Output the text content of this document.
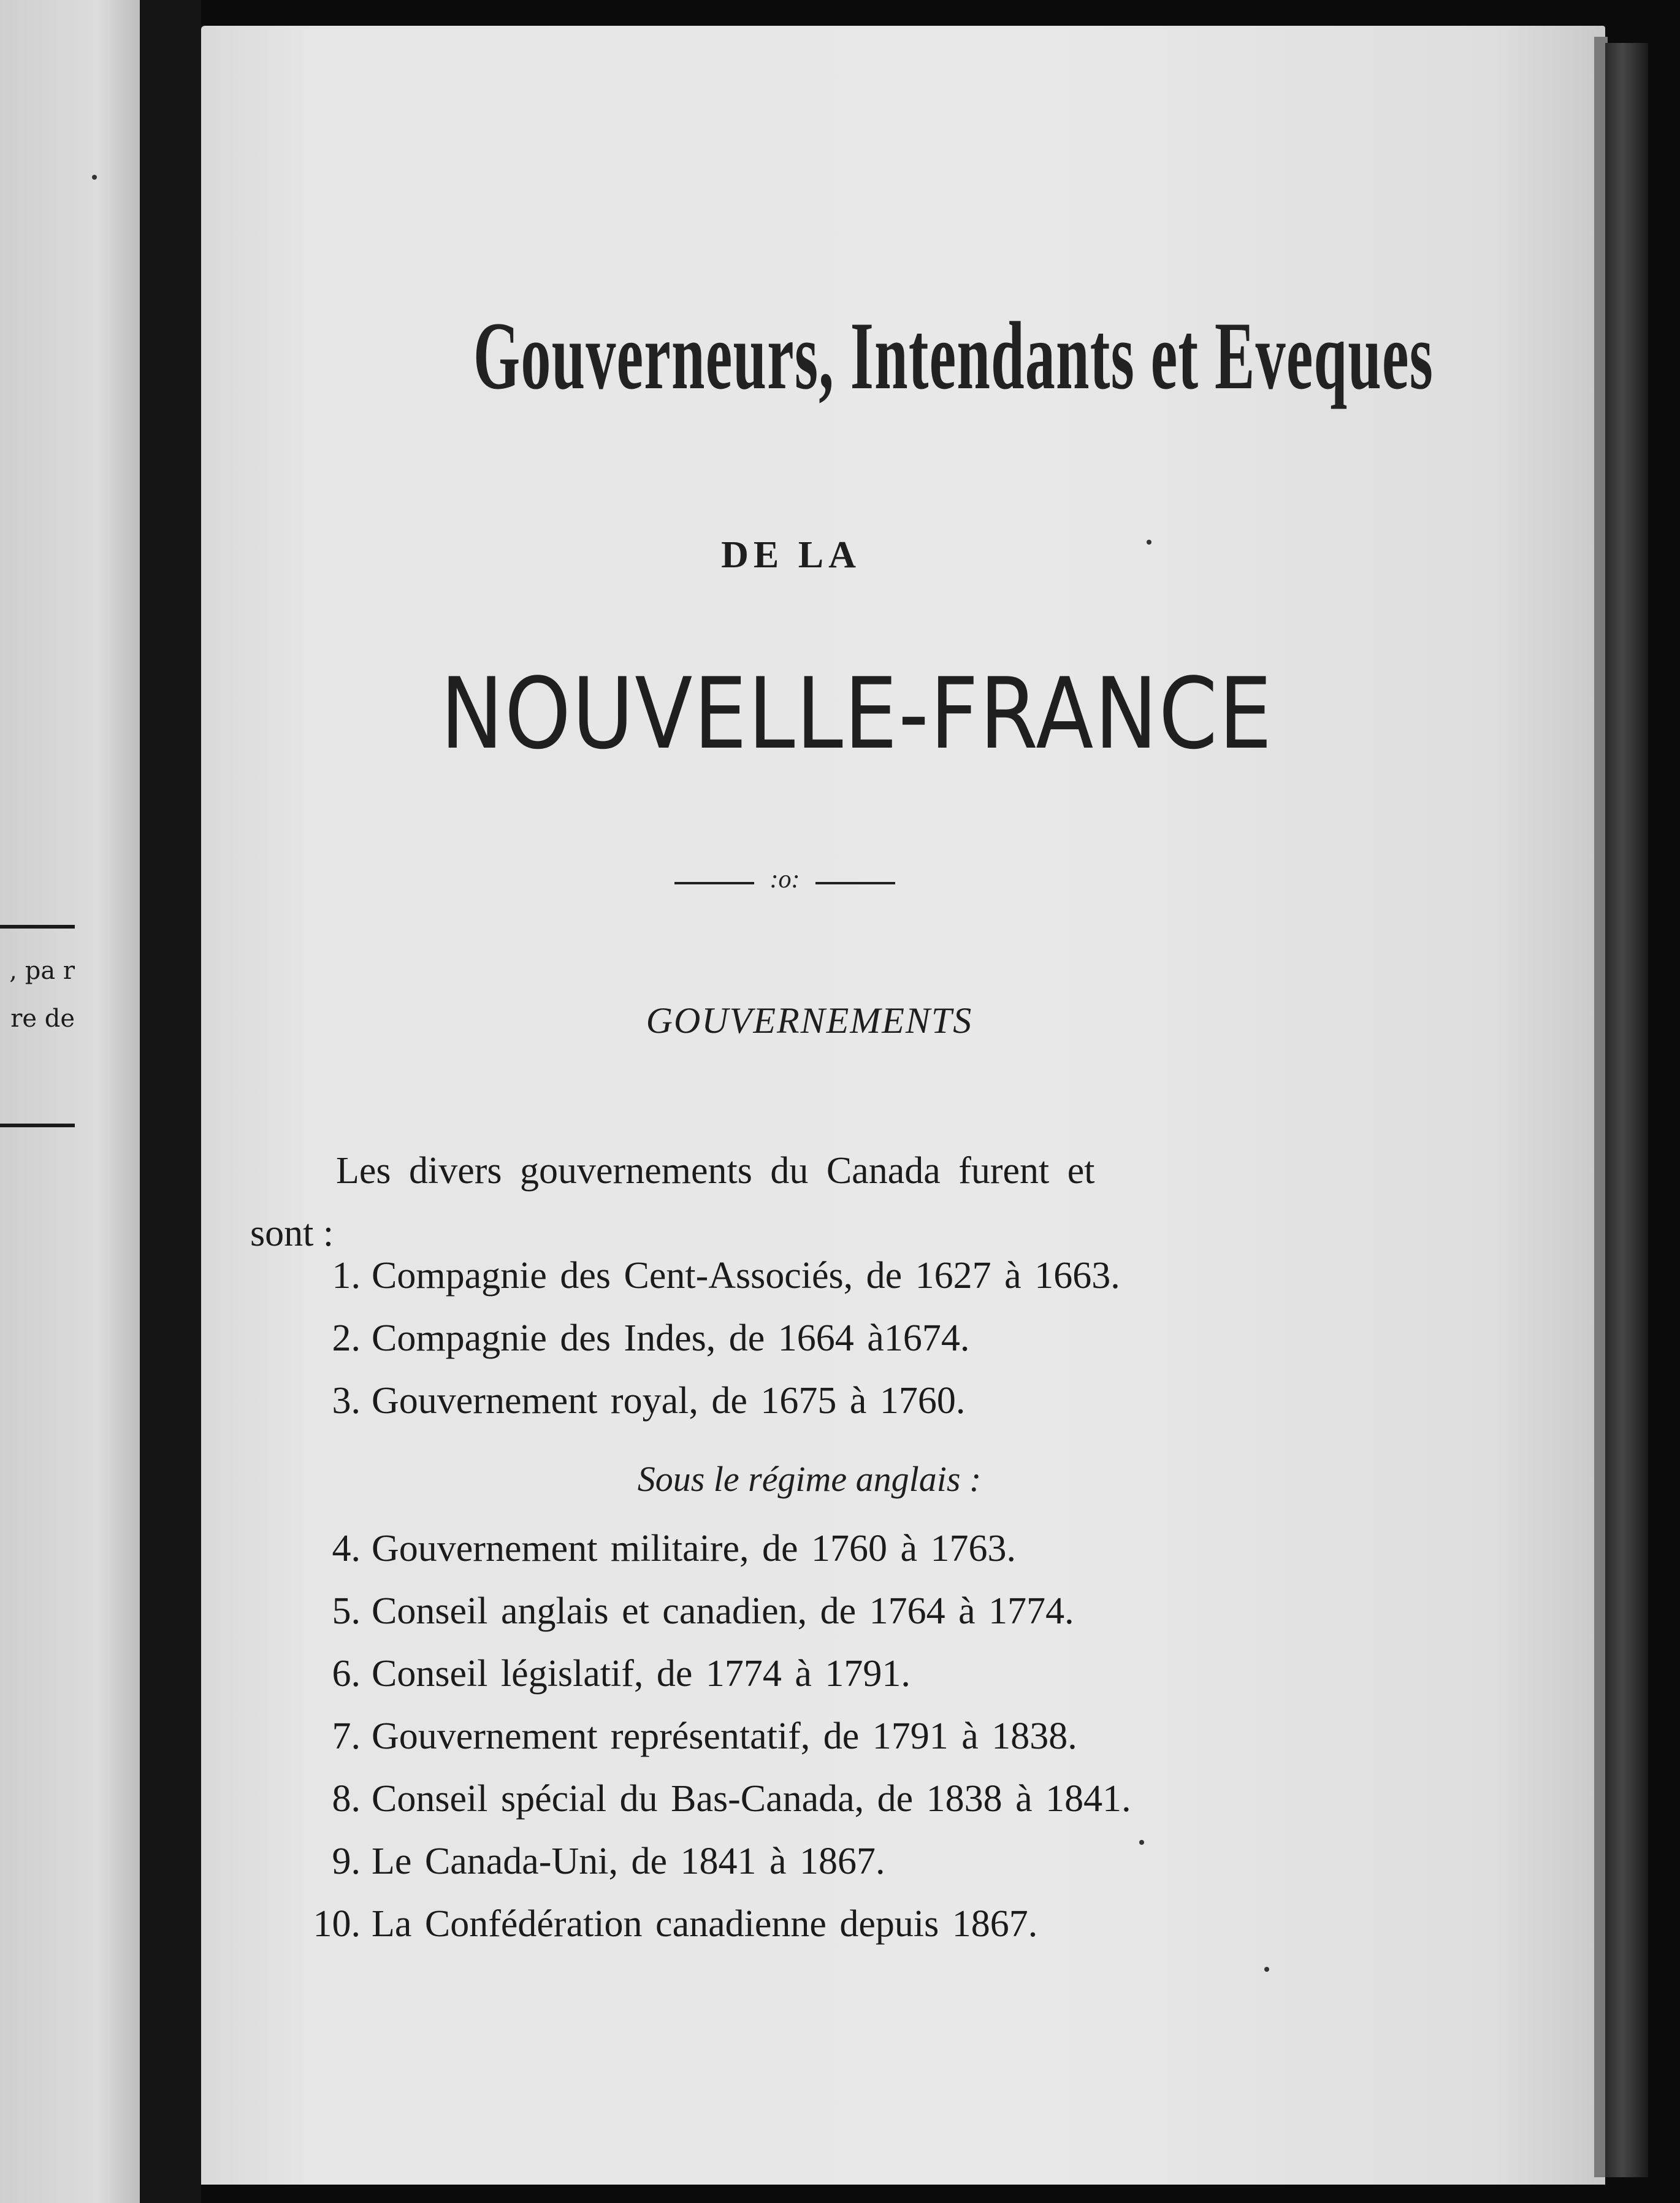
, pa r
re de
Gouverneurs, Intendants et Eveques
DE LA
NOUVELLE-FRANCE
:o:
GOUVERNEMENTS
Les divers gouvernements du Canada furent et
sont :
1. Compagnie des Cent-Associés, de 1627 à 1663.
2. Compagnie des Indes, de 1664 à1674.
3. Gouvernement royal, de 1675 à 1760.
4. Gouvernement militaire, de 1760 à 1763.
5. Conseil anglais et canadien, de 1764 à 1774.
6. Conseil législatif, de 1774 à 1791.
7. Gouvernement représentatif, de 1791 à 1838.
8. Conseil spécial du Bas-Canada, de 1838 à 1841.
9. Le Canada-Uni, de 1841 à 1867.
10. La Confédération canadienne depuis 1867.
Sous le régime anglais :
